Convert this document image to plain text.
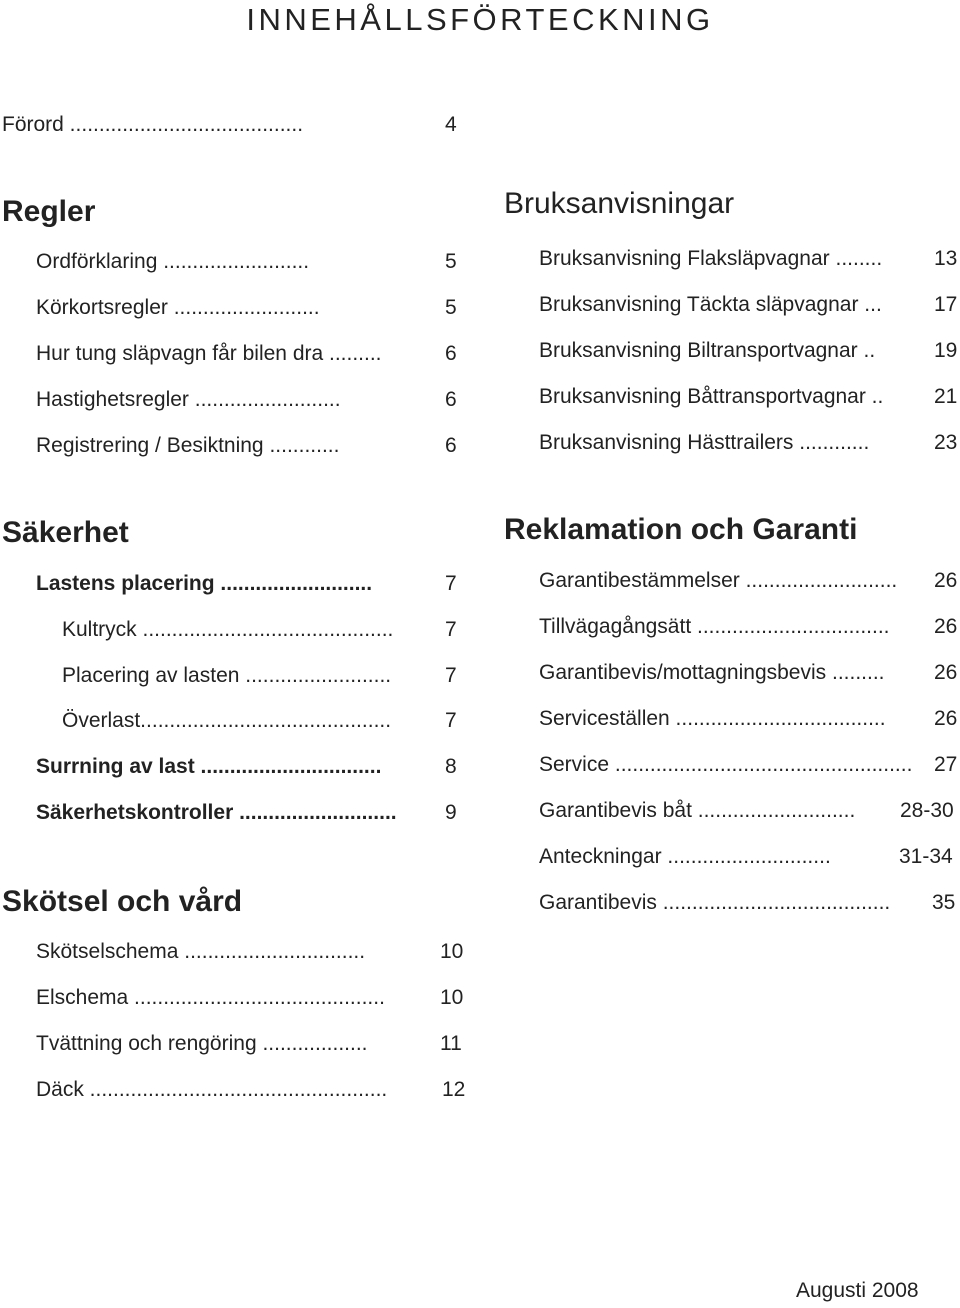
INNEHÅLLSFÖRTECKNING
Förord ........................................	4
Regler
Ordförklaring .........................	5
Körkortsregler .........................	5
Hur tung släpvagn får bilen dra .........	6
Hastighetsregler .........................	6
Registrering / Besiktning ............	6
Säkerhet
Lastens placering ..........................	7
Kultryck ........................................... 7
Placering av lasten .........................	7
Överlast...........................................	7
Surrning av last ...............................	8
Säkerhetskontroller ........................... 9
Skötsel och vård
Skötselschema ...............................	10
Elschema ...........................................	10
Tvättning och rengöring ..................	11
Däck ...................................................	12
Bruksanvisningar
Bruksanvisning Flaksläpvagnar ........ 13
Bruksanvisning Täckta släpvagnar ... 17
Bruksanvisning Biltransportvagnar ..	19
Bruksanvisning Båttransportvagnar .. 21
Bruksanvisning Hästtrailers ............	23
Reklamation och Garanti
Garantibestämmelser .......................... 26
Tillvägagångsätt ................................. 26
Garantibevis/mottagningsbevis ......... 26
Serviceställen .................................... 26
Service ................................................... 27
Garantibevis båt ........................... 28-30
Anteckningar ............................	31-34
Garantibevis ....................................... 35
Augusti 2008
